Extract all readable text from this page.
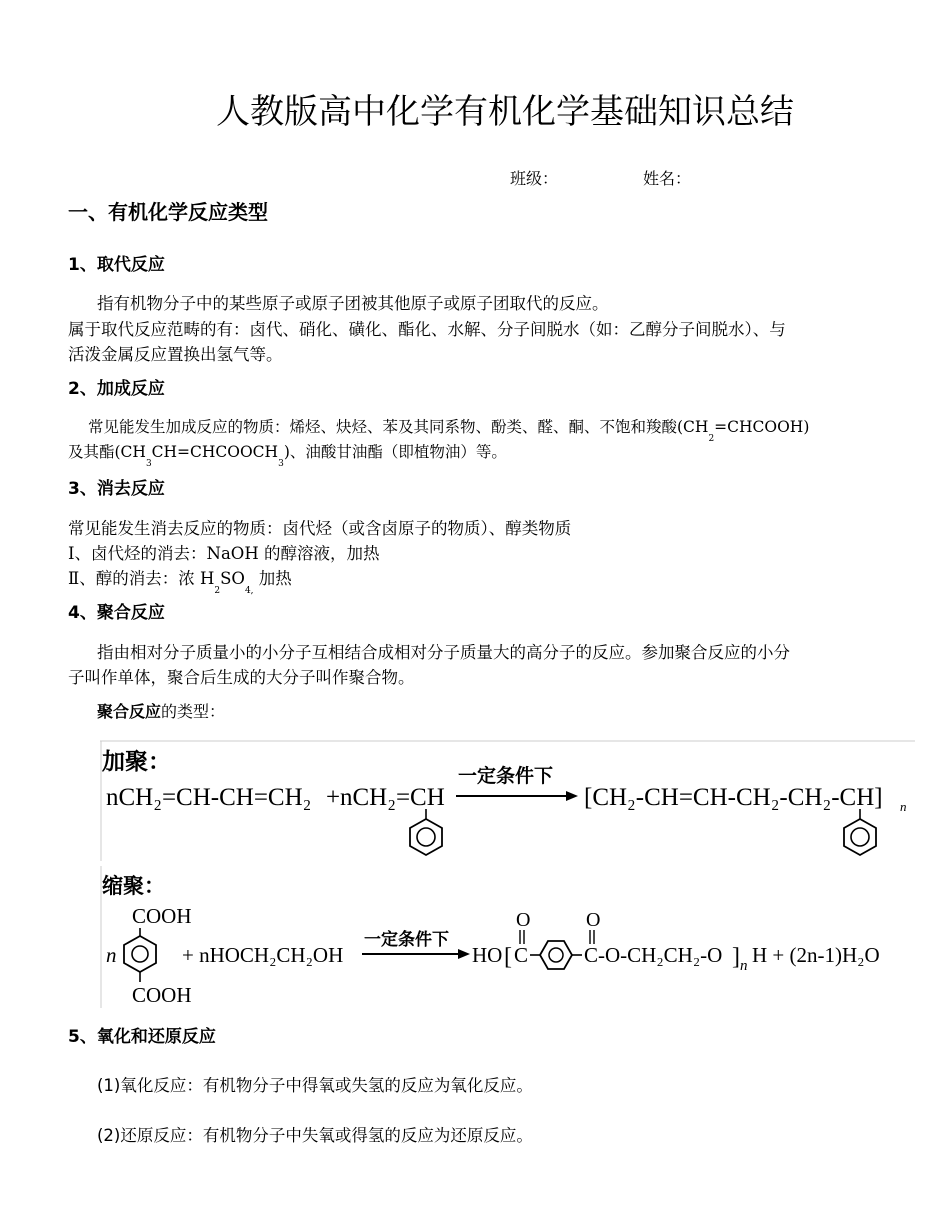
人教版高中化学有机化学基础知识总结
班级：	姓名：
一、有机化学反应类型
1、取代反应
指有机物分子中的某些原子或原子团被其他原子或原子团取代的反应。
属于取代反应范畴的有：卤代、硝化、磺化、酯化、水解、分子间脱水（如：乙醇分子间脱水）、与
活泼金属反应置换出氢气等。
2、加成反应
常见能发生加成反应的物质：烯烃、炔烃、苯及其同系物、酚类、醛、酮、不饱和羧酸$(CH_2=CHCOOH)$
及其酯$(CH_3CH=CHCOOCH_3)$、油酸甘油酯（即植物油）等。
3、消去反应
常见能发生消去反应的物质：卤代烃（或含卤原子的物质）、醇类物质
Ⅰ、卤代烃的消去：NaOH 的醇溶液，加热
Ⅱ、醇的消去：浓 $H_2SO_{4,}$ 加热
4、聚合反应
指由相对分子质量小的小分子互相结合成相对分子质量大的高分子的反应。参加聚合反应的小分
子叫作单体，聚合后生成的大分子叫作聚合物。
聚合反应的类型：
加聚：
nCH₂=CH-CH=CH₂ + nCH₂=CH
一定条件下
[CH₂-CH=CH-CH₂-CH₂-CH] n
缩聚：
COOH
n
COOH
+ nHOCH₂CH₂OH
一定条件下
HO [
O
C
O
C -O-CH₂CH₂-O ] n H + (2n-1)H₂O
5、氧化和还原反应
(1)氧化反应：有机物分子中得氧或失氢的反应为氧化反应。
(2)还原反应：有机物分子中失氧或得氢的反应为还原反应。
